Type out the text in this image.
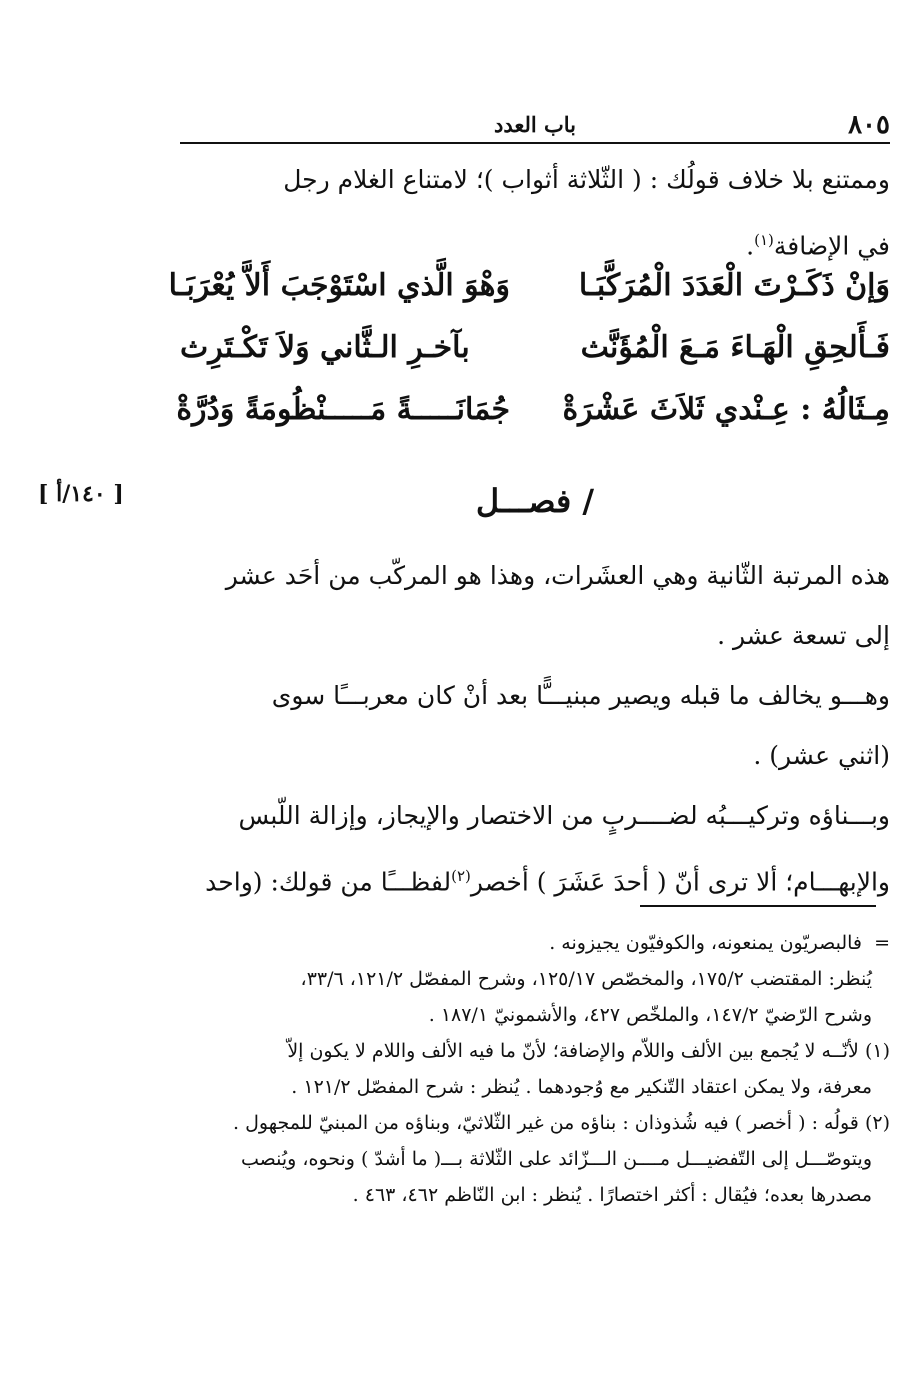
٨٠٥
باب العدد
وممتنع بلا خلاف قولُك : ( الثّلاثة أثواب )؛ لامتناع الغلام رجل
في الإضافة$^{(١)}$.
وَإنْ ذَكَـرْتَ الْعَدَدَ الْمُرَكَّبَـا
وَهْوَ الَّذي اسْتَوْجَبَ أَلاَّ يُعْرَبَـا
فَـأَلحِقِ الْهَـاءَ مَـعَ الْمُؤَنَّث
بآخـرِ الـثَّاني وَلاَ تَكْـتَرِث
مِـثَالُهُ : عِـنْدي ثَلاَثَ عَشْرَةْ
جُمَانَـــــةً مَـــــنْظُومَةً وَدُرَّةْ
[ ١٤٠/أ ]	/ فصـــل
هذه المرتبة الثّانية وهي العشَرات، وهذا هو المركّب من أحَد عشر
إلى تسعة عشر .
وهـــو يخالف ما قبله ويصير مبنيـــًّا بعد أنْ كان معربـــًا سوى
(اثني عشر) .
وبـــناؤه وتركيـــبُه لضــــربٍ من الاختصار والإيجاز، وإزالة اللّبس
والإبهـــام؛ ألا ترى أنّ ( أحدَ عَشَرَ ) أخصر$^{(٢)}$لفظـــًا من قولك: (واحد
=  فالبصريّون يمنعونه، والكوفيّون يجيزونه .
يُنظر: المقتضب ١٧٥/٢، والمخصّص ١٢٥/١٧، وشرح المفصّل ١٢١/٢، ٣٣/٦،
وشرح الرّضيّ ١٤٧/٢، والملخّص ٤٢٧، والأشمونيّ ١٨٧/١ .
(١) لأنّــه لا يُجمع بين الألف واللاّم والإضافة؛ لأنّ ما فيه الألف واللام لا يكون إلاّ
معرفة، ولا يمكن اعتقاد التّنكير مع وُجودهما . يُنظر : شرح المفصّل ١٢١/٢ .
(٢) قولُه : ( أخصر ) فيه شُذوذان : بناؤه من غير الثّلاثيّ، وبناؤه من المبنيّ للمجهول .
ويتوصّـــل إلى التّفضيـــل مــــن الـــزّائد على الثّلاثة بـــ( ما أشدّ ) ونحوه، ويُنصب
مصدرها بعده؛ فيُقال : أكثر اختصارًا . يُنظر : ابن النّاظم ٤٦٢، ٤٦٣ .
